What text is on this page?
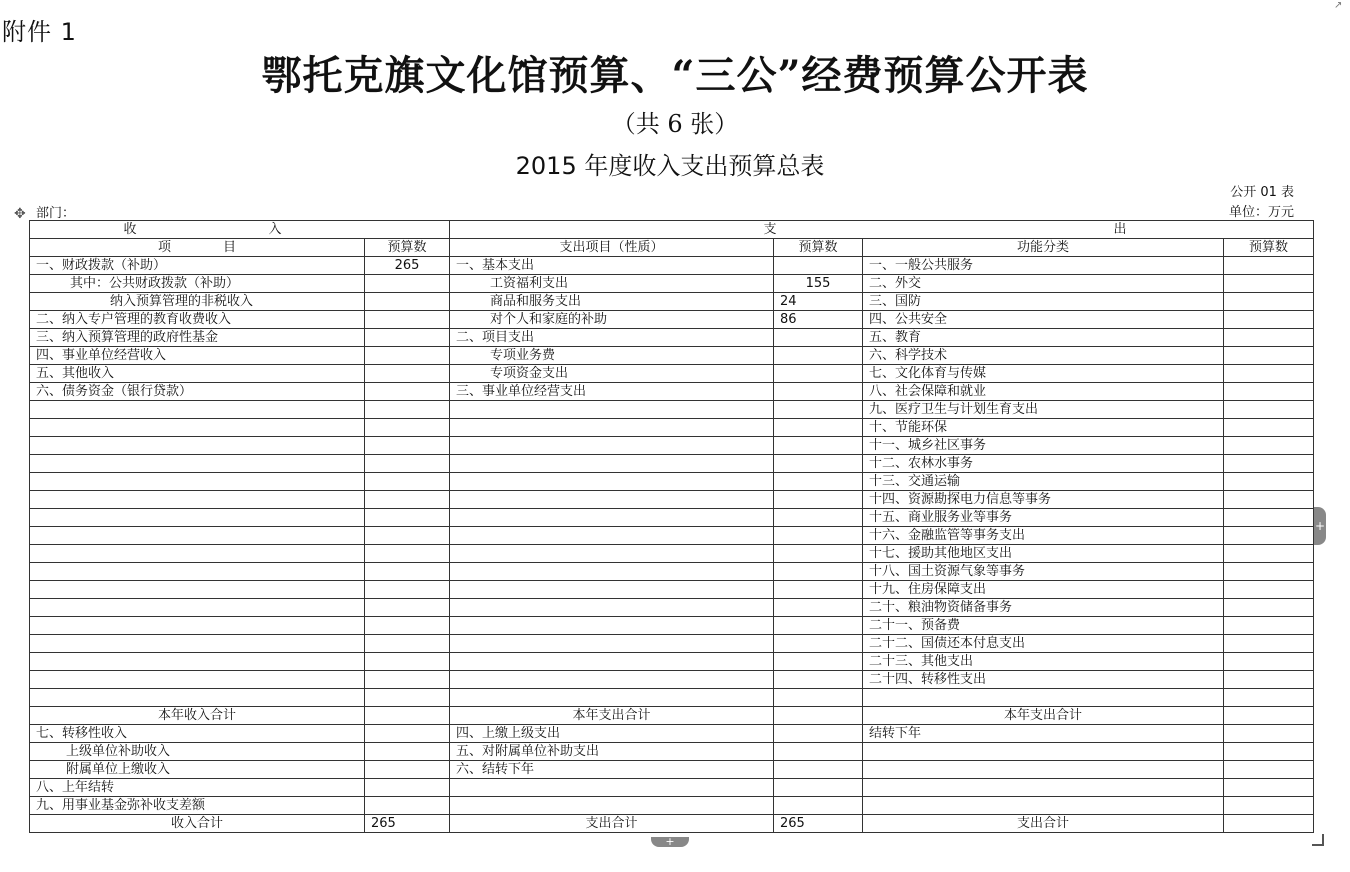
↗
附件 1
鄂托克旗文化馆预算、“三公”经费预算公开表
（共 6 张）
2015 年度收入支出预算总表
公开 01 表
单位：万元
✥ 部门：
收 入		支 出			
项　　　　目	预算数	支出项目（性质）	预算数	功能分类	预算数
一、财政拨款（补助）	265	一、基本支出		一、一般公共服务	
其中：公共财政拨款（补助）		工资福利支出	155	二、外交	
纳入预算管理的非税收入		商品和服务支出	24	三、国防	
二、纳入专户管理的教育收费收入		对个人和家庭的补助	86	四、公共安全	
三、纳入预算管理的政府性基金		二、项目支出		五、教育	
四、事业单位经营收入		专项业务费		六、科学技术	
五、其他收入		专项资金支出		七、文化体育与传媒	
六、债务资金（银行贷款）		三、事业单位经营支出		八、社会保障和就业	
				九、医疗卫生与计划生育支出	
				十、节能环保	
				十一、城乡社区事务	
				十二、农林水事务	
				十三、交通运输	
				十四、资源勘探电力信息等事务	
				十五、商业服务业等事务	
				十六、金融监管等事务支出	
				十七、援助其他地区支出	
				十八、国土资源气象等事务	
				十九、住房保障支出	
				二十、粮油物资储备事务	
				二十一、预备费	
				二十二、国债还本付息支出	
				二十三、其他支出	
				二十四、转移性支出	

本年收入合计		本年支出合计		本年支出合计	
七、转移性收入		四、上缴上级支出		结转下年	
上级单位补助收入		五、对附属单位补助支出			
附属单位上缴收入		六、结转下年			
八、上年结转					
九、用事业基金弥补收支差额					
收入合计	265	支出合计	265	支出合计	
+
+
